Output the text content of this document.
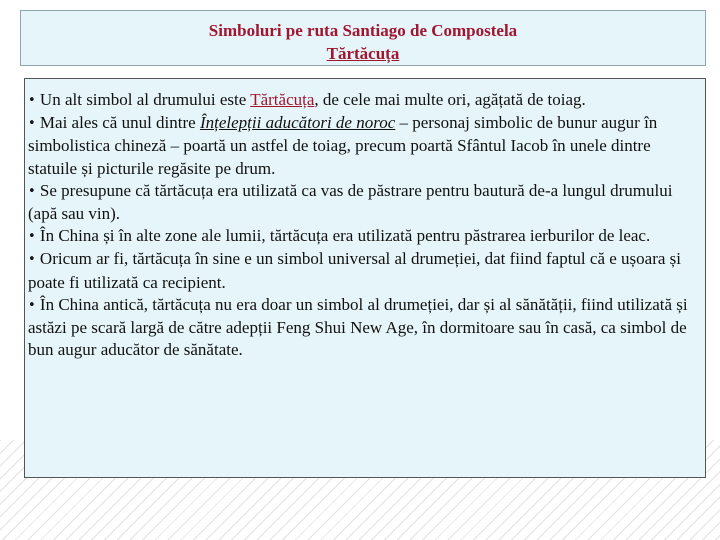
Simboluri pe ruta Santiago de Compostela
Tărtăcuța

• Un alt simbol al drumului este Tărtăcuța, de cele mai multe ori, agățată de toiag.

• Mai ales că unul dintre Înțelepții aducători de noroc – personaj simbolic de bunur augur în simbolistica chineză – poartă un astfel de toiag, precum poartă Sfântul Iacob în unele dintre statuile și picturile regăsite pe drum.

• Se presupune că tărtăcuța era utilizată ca vas de păstrare pentru bautură de-a lungul drumului (apă sau vin).

• În China și în alte zone ale lumii, tărtăcuța era utilizată pentru păstrarea ierburilor de leac.

• Oricum ar fi, tărtăcuța în sine e un simbol universal al drumeției, dat fiind faptul că e ușoara și poate fi utilizată ca recipient.

• În China antică, tărtăcuța nu era doar un simbol al drumeției, dar și al sănătății, fiind utilizată și astăzi pe scară largă de către adepții Feng Shui New Age, în dormitoare sau în casă, ca simbol de bun augur aducător de sănătate.
